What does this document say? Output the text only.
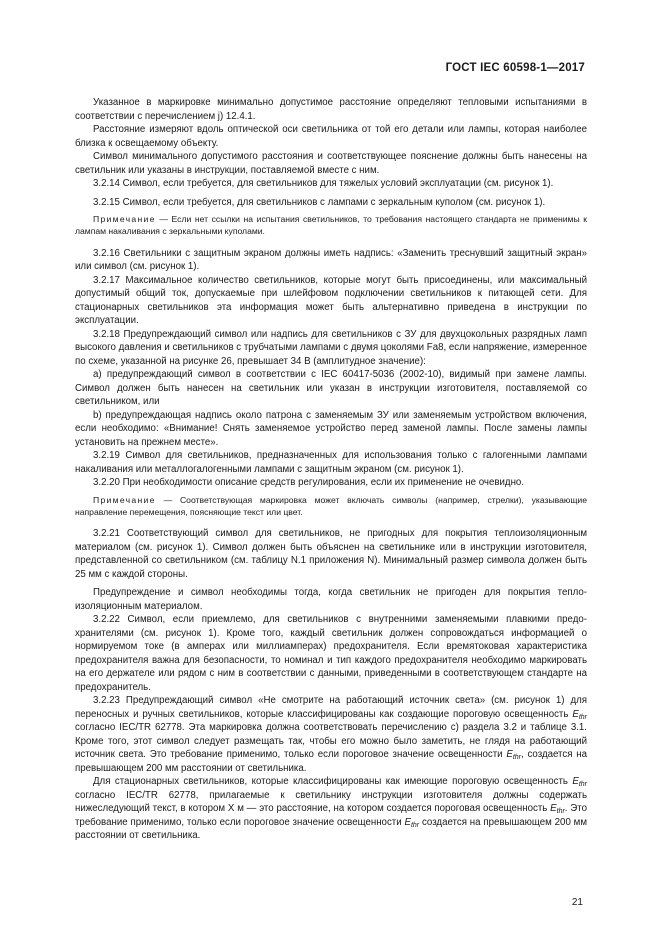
ГОСТ IEC 60598-1—2017

Указанное в маркировке минимально допустимое расстояние определяют тепловыми испытаниями в соответствии с перечислением j) 12.4.1.

Расстояние измеряют вдоль оптической оси светильника от той его детали или лампы, которая наиболее близка к освещаемому объекту.

Символ минимального допустимого расстояния и соответствующее пояснение должны быть нанесены на светильник или указаны в инструкции, поставляемой вместе с ним.

3.2.14 Символ, если требуется, для светильников для тяжелых условий эксплуатации (см. рисунок 1).

3.2.15 Символ, если требуется, для светильников с лампами с зеркальным куполом (см. рисунок 1).

Примечание — Если нет ссылки на испытания светильников, то требования настоящего стандарта не применимы к лампам накаливания с зеркальными куполами.

3.2.16 Светильники с защитным экраном должны иметь надпись: «Заменить треснувший защитный экран» или символ (см. рисунок 1).

3.2.17 Максимальное количество светильников, которые могут быть присоединены, или максимальный допустимый общий ток, допускаемые при шлейфовом подключении светильников к питающей сети. Для стационарных светильников эта информация может быть альтернативно приведена в инструкции по эксплуатации.

3.2.18 Предупреждающий символ или надпись для светильников с ЗУ для двухцокольных разрядных ламп высокого давления и светильников с трубчатыми лампами с двумя цоколями Fa8, если напряжение, измеренное по схеме, указанной на рисунке 26, превышает 34 В (амплитудное значение):

а) предупреждающий символ в соответствии с IEC 60417-5036 (2002-10), видимый при замене лампы. Символ должен быть нанесен на светильник или указан в инструкции изготовителя, поставляемой со светильником, или

b) предупреждающая надпись около патрона с заменяемым ЗУ или заменяемым устройством включения, если необходимо: «Внимание! Снять заменяемое устройство перед заменой лампы. После замены лампы установить на прежнем месте».

3.2.19 Символ для светильников, предназначенных для использования только с галогенными лампами накаливания или металлогалогенными лампами с защитным экраном (см. рисунок 1).

3.2.20 При необходимости описание средств регулирования, если их применение не очевидно.

Примечание — Соответствующая маркировка может включать символы (например, стрелки), указывающие направление перемещения, поясняющие текст или цвет.

3.2.21 Соответствующий символ для светильников, не пригодных для покрытия теплоизоляционным материалом (см. рисунок 1). Символ должен быть объяснен на светильнике или в инструкции изготовителя, представленной со светильником (см. таблицу N.1 приложения N). Минимальный размер символа должен быть 25 мм с каждой стороны.

Предупреждение и символ необходимы тогда, когда светильник не пригоден для покрытия теплоизоляционным материалом.

3.2.22 Символ, если приемлемо, для светильников с внутренними заменяемыми плавкими предохранителями (см. рисунок 1). Кроме того, каждый светильник должен сопровождаться информацией о нормируемом токе (в амперах или миллиамперах) предохранителя. Если времятоковая характеристика предохранителя важна для безопасности, то номинал и тип каждого предохранителя необходимо маркировать на его держателе или рядом с ним в соответствии с данными, приведенными в соответствующем стандарте на предохранитель.

3.2.23 Предупреждающий символ «Не смотрите на работающий источник света» (см. рисунок 1) для переносных и ручных светильников, которые классифицированы как создающие пороговую освещенность $E_{thr}$ согласно IEC/TR 62778. Эта маркировка должна соответствовать перечислению с) раздела 3.2 и таблице 3.1. Кроме того, этот символ следует размещать так, чтобы его можно было заметить, не глядя на работающий источник света. Это требование применимо, только если пороговое значение освещенности $E_{thr}$, создается на превышающем 200 мм расстоянии от светильника.

Для стационарных светильников, которые классифицированы как имеющие пороговую освещенность $E_{thr}$ согласно IEC/TR 62778, прилагаемые к светильнику инструкции изготовителя должны содержать нижеследующий текст, в котором Х м — это расстояние, на котором создается пороговая освещенность $E_{thr}$. Это требование применимо, только если пороговое значение освещенности $E_{thr}$ создается на превышающем 200 мм расстоянии от светильника.

21
